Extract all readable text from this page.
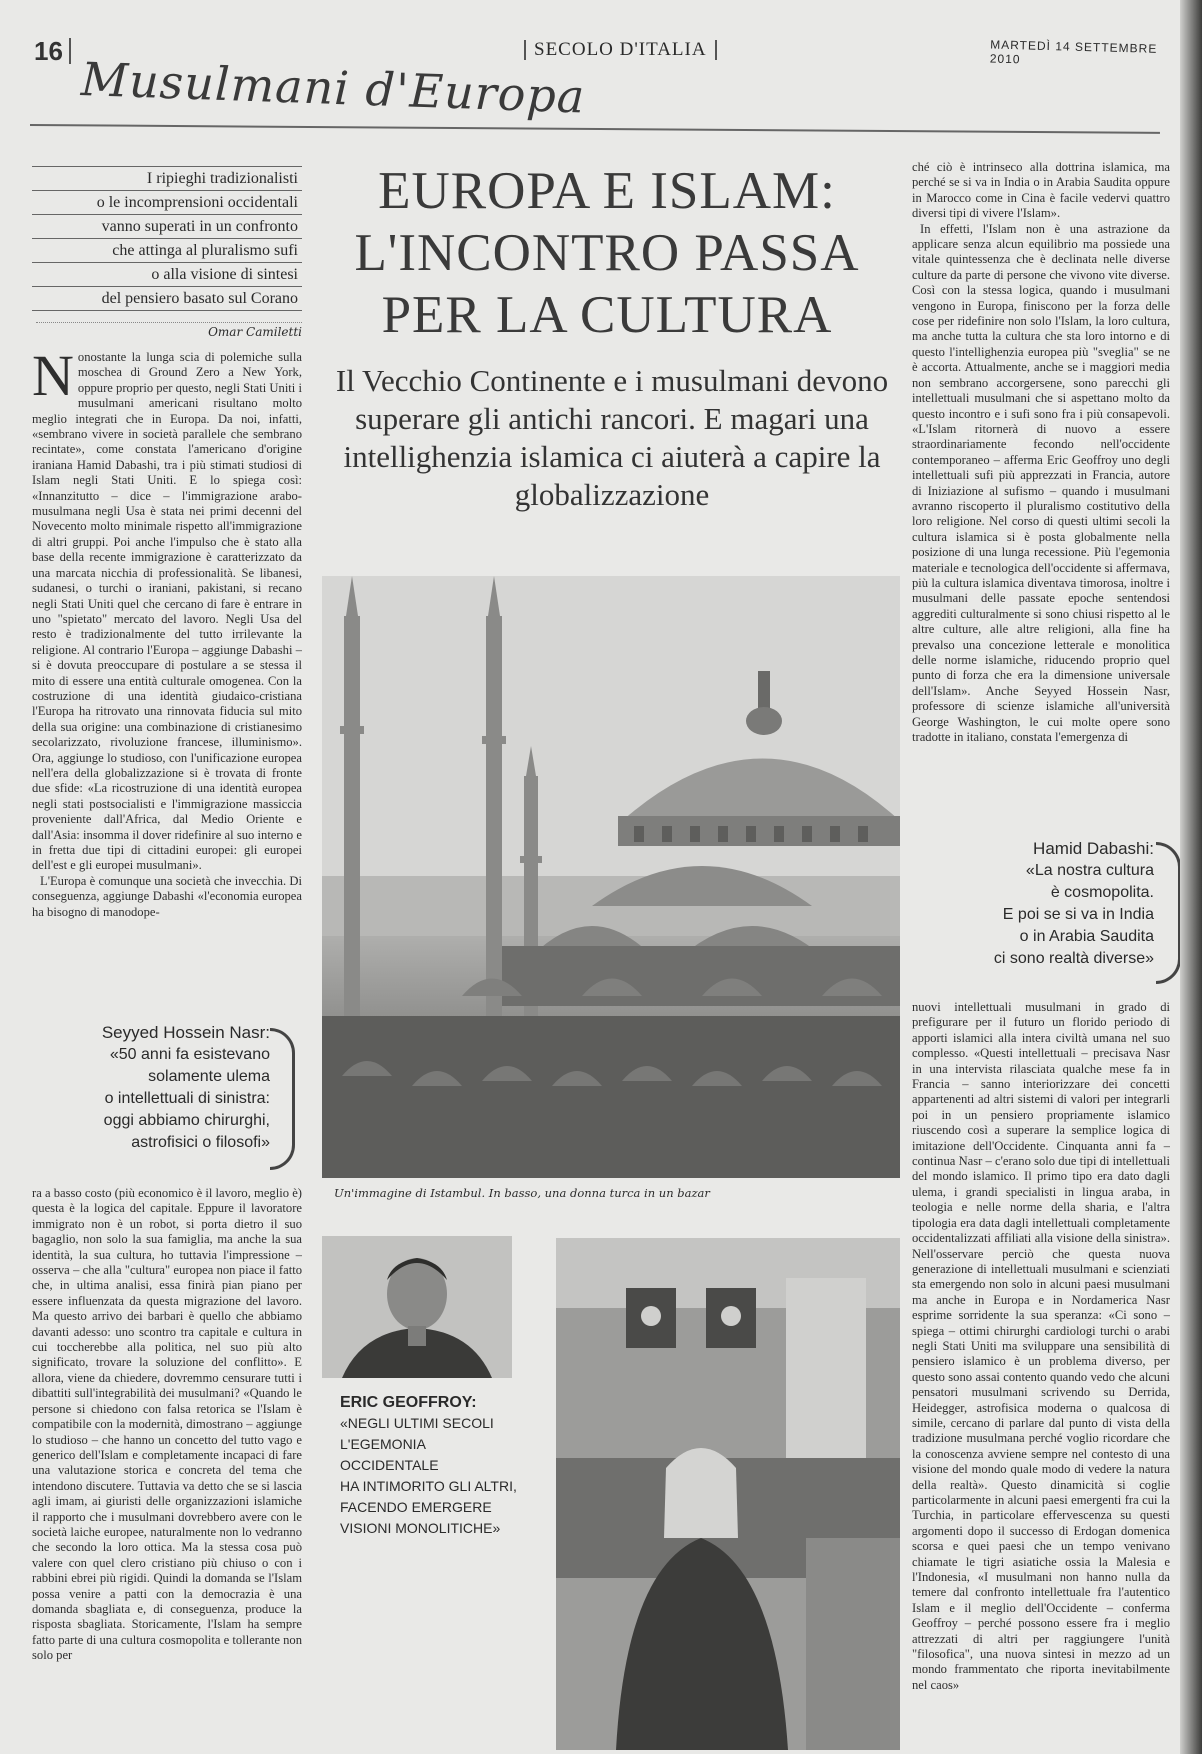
16
Musulmani d'Europa
SECOLO D'ITALIA	MARTEDÌ 14 SETTEMBRE 2010
I ripieghi tradizionalisti
o le incomprensioni occidentali
vanno superati in un confronto
che attinga al pluralismo sufi
o alla visione di sintesi
del pensiero basato sul Corano
Omar Camiletti
EUROPA E ISLAM:
L'INCONTRO PASSA
PER LA CULTURA
Il Vecchio Continente e i musulmani devono superare gli antichi rancori. E magari una intellighenzia islamica ci aiuterà a capire la globalizzazione
N onostante la lunga scia di polemiche sulla moschea di Ground Zero a New York, oppure proprio per questo, negli Stati Uniti i musulmani americani risultano molto meglio integrati che in Europa. Da noi, infatti, «sembrano vivere in società parallele che sembrano recintate», come constata l'americano d'origine iraniana Hamid Dabashi, tra i più stimati studiosi di Islam negli Stati Uniti. E lo spiega così: «Innanzitutto – dice – l'immigrazione arabo-musulmana negli Usa è stata nei primi decenni del Novecento molto minimale rispetto all'immigrazione di altri gruppi. Poi anche l'impulso che è stato alla base della recente immigrazione è caratterizzato da una marcata nicchia di professionalità. Se libanesi, sudanesi, o turchi o iraniani, pakistani, si recano negli Stati Uniti quel che cercano di fare è entrare in uno "spietato" mercato del lavoro. Negli Usa del resto è tradizionalmente del tutto irrilevante la religione. Al contrario l'Europa – aggiunge Dabashi – si è dovuta preoccupare di postulare a se stessa il mito di essere una entità culturale omogenea. Con la costruzione di una identità giudaico-cristiana l'Europa ha ritrovato una rinnovata fiducia sul mito della sua origine: una combinazione di cristianesimo secolarizzato, rivoluzione francese, illuminismo». Ora, aggiunge lo studioso, con l'unificazione europea nell'era della globalizzazione si è trovata di fronte due sfide: «La ricostruzione di una identità europea negli stati postsocialisti e l'immigrazione massiccia proveniente dall'Africa, dal Medio Oriente e dall'Asia: insomma il dover ridefinire al suo interno e in fretta due tipi di cittadini europei: gli europei dell'est e gli europei musulmani».

L'Europa è comunque una società che invecchia. Di conseguenza, aggiunge Dabashi «l'economia europea ha bisogno di manodope-

Seyyed Hossein Nasr:
«50 anni fa esistevano
solamente ulema
o intellettuali di sinistra:
oggi abbiamo chirurghi,
astrofisici o filosofi»

ra a basso costo (più economico è il lavoro, meglio è) questa è la logica del capitale. Eppure il lavoratore immigrato non è un robot, si porta dietro il suo bagaglio, non solo la sua famiglia, ma anche la sua identità, la sua cultura, ho tuttavia l'impressione – osserva – che alla "cultura" europea non piace il fatto che, in ultima analisi, essa finirà pian piano per essere influenzata da questa migrazione del lavoro. Ma questo arrivo dei barbari è quello che abbiamo davanti adesso: uno scontro tra capitale e cultura in cui toccherebbe alla politica, nel suo più alto significato, trovare la soluzione del conflitto». E allora, viene da chiedere, dovremmo censurare tutti i dibattiti sull'integrabilità dei musulmani? «Quando le persone si chiedono con falsa retorica se l'Islam è compatibile con la modernità, dimostrano – aggiunge lo studioso – che hanno un concetto del tutto vago e generico dell'Islam e completamente incapaci di fare una valutazione storica e concreta del tema che intendono discutere. Tuttavia va detto che se si lascia agli imam, ai giuristi delle organizzazioni islamiche il rapporto che i musulmani dovrebbero avere con le società laiche europee, naturalmente non lo vedranno che secondo la loro ottica. Ma la stessa cosa può valere con quel clero cristiano più chiuso o con i rabbini ebrei più rigidi. Quindi la domanda se l'Islam possa venire a patti con la democrazia è una domanda sbagliata e, di conseguenza, produce la risposta sbagliata. Storicamente, l'Islam ha sempre fatto parte di una cultura cosmopolita e tollerante non solo per

Un'immagine di Istambul. In basso, una donna turca in un bazar

ché ciò è intrinseco alla dottrina islamica, ma perché se si va in India o in Arabia Saudita oppure in Marocco come in Cina è facile vedervi quattro diversi tipi di vivere l'Islam».

In effetti, l'Islam non è una astrazione da applicare senza alcun equilibrio ma possiede una vitale quintessenza che è declinata nelle diverse culture da parte di persone che vivono vite diverse. Così con la stessa logica, quando i musulmani vengono in Europa, finiscono per la forza delle cose per ridefinire non solo l'Islam, la loro cultura, ma anche tutta la cultura che sta loro intorno e di questo l'intellighenzia europea più "sveglia" se ne è accorta. Attualmente, anche se i maggiori media non sembrano accorgersene, sono parecchi gli intellettuali musulmani che si aspettano molto da questo incontro e i sufi sono fra i più consapevoli. «L'Islam ritornerà di nuovo a essere straordinariamente fecondo nell'occidente contemporaneo – afferma Eric Geoffroy uno degli intellettuali sufi più apprezzati in Francia, autore di Iniziazione al sufismo – quando i musulmani avranno riscoperto il pluralismo costitutivo della loro religione. Nel corso di questi ultimi secoli la cultura islamica si è posta globalmente nella posizione di una lunga recessione. Più l'egemonia materiale e tecnologica dell'occidente si affermava, più la cultura islamica diventava timorosa, inoltre i musulmani delle passate epoche sentendosi aggrediti culturalmente si sono chiusi rispetto al le altre culture, alle altre religioni, alla fine ha prevalso una concezione letterale e monolitica delle norme islamiche, riducendo proprio quel punto di forza che era la dimensione universale dell'Islam». Anche Seyyed Hossein Nasr, professore di scienze islamiche all'università George Washington, le cui molte opere sono tradotte in italiano, constata l'emergenza di

Hamid Dabashi:
«La nostra cultura
è cosmopolita.
E poi se si va in India
o in Arabia Saudita
ci sono realtà diverse»

nuovi intellettuali musulmani in grado di prefigurare per il futuro un florido periodo di apporti islamici alla intera civiltà umana nel suo complesso. «Questi intellettuali – precisava Nasr in una intervista rilasciata qualche mese fa in Francia – sanno interiorizzare dei concetti appartenenti ad altri sistemi di valori per integrarli poi in un pensiero propriamente islamico riuscendo così a superare la semplice logica di imitazione dell'Occidente. Cinquanta anni fa – continua Nasr – c'erano solo due tipi di intellettuali del mondo islamico. Il primo tipo era dato dagli ulema, i grandi specialisti in lingua araba, in teologia e nelle norme della sharia, e l'altra tipologia era data dagli intellettuali completamente occidentalizzati affiliati alla visione della sinistra». Nell'osservare perciò che questa nuova generazione di intellettuali musulmani e scienziati sta emergendo non solo in alcuni paesi musulmani ma anche in Europa e in Nordamerica Nasr esprime sorridente la sua speranza: «Ci sono – spiega – ottimi chirurghi cardiologi turchi o arabi negli Stati Uniti ma sviluppare una sensibilità di pensiero islamico è un problema diverso, per questo sono assai contento quando vedo che alcuni pensatori musulmani scrivendo su Derrida, Heidegger, astrofisica moderna o qualcosa di simile, cercano di parlare dal punto di vista della tradizione musulmana perché voglio ricordare che la conoscenza avviene sempre nel contesto di una visione del mondo quale modo di vedere la natura della realtà». Questo dinamicità si coglie particolarmente in alcuni paesi emergenti fra cui la Turchia, in particolare effervescenza su questi argomenti dopo il successo di Erdogan domenica scorsa e quei paesi che un tempo venivano chiamate le tigri asiatiche ossia la Malesia e l'Indonesia, «I musulmani non hanno nulla da temere dal confronto intellettuale fra l'autentico Islam e il meglio dell'Occidente – conferma Geoffroy – perché possono essere fra i meglio attrezzati di altri per raggiungere l'unità "filosofica", una nuova sintesi in mezzo ad un mondo frammentato che riporta inevitabilmente nel caos»

ERIC GEOFFROY:
«NEGLI ULTIMI SECOLI
L'EGEMONIA OCCIDENTALE
HA INTIMORITO GLI ALTRI,
FACENDO EMERGERE
VISIONI MONOLITICHE»
